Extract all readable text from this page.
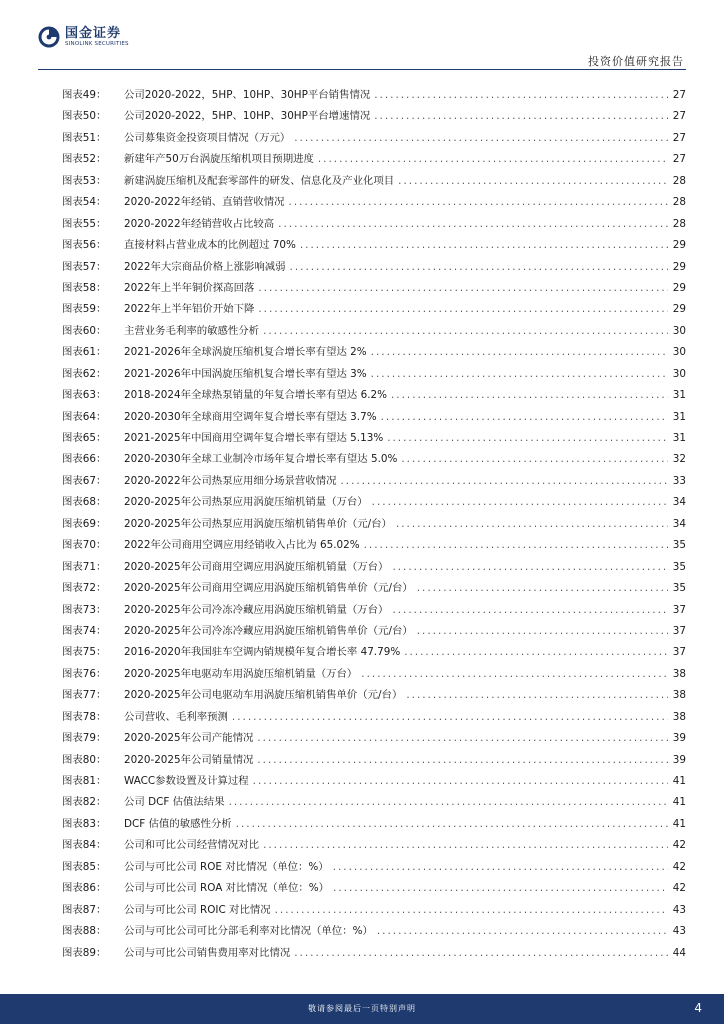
国金证券
SINOLINK SECURITIES
投资价值研究报告
图表49：	公司2020-2022，5HP、10HP、30HP平台销售情况 .....	27
图表50：	公司2020-2022，5HP、10HP、30HP平台增速情况 .....	27
图表51：	公司募集资金投资项目情况（万元） .....	27
图表52：	新建年产50万台涡旋压缩机项目预期进度 .....	27
图表53：	新建涡旋压缩机及配套零部件的研发、信息化及产业化项目 .....	28
图表54：	2020-2022年经销、直销营收情况 .....	28
图表55：	2020-2022年经销营收占比较高 .....	28
图表56：	直接材料占营业成本的比例超过 70% .....	29
图表57：	2022年大宗商品价格上涨影响减弱 .....	29
图表58：	2022年上半年铜价探高回落 .....	29
图表59：	2022年上半年铝价开始下降 .....	29
图表60：	主营业务毛利率的敏感性分析 .....	30
图表61：	2021-2026年全球涡旋压缩机复合增长率有望达 2% .....	30
图表62：	2021-2026年中国涡旋压缩机复合增长率有望达 3% .....	30
图表63：	2018-2024年全球热泵销量的年复合增长率有望达 6.2% .....	31
图表64：	2020-2030年全球商用空调年复合增长率有望达 3.7% .....	31
图表65：	2021-2025年中国商用空调年复合增长率有望达 5.13% .....	31
图表66：	2020-2030年全球工业制冷市场年复合增长率有望达 5.0% .....	32
图表67：	2020-2022年公司热泵应用细分场景营收情况 .....	33
图表68：	2020-2025年公司热泵应用涡旋压缩机销量（万台） .....	34
图表69：	2020-2025年公司热泵应用涡旋压缩机销售单价（元/台） .....	34
图表70：	2022年公司商用空调应用经销收入占比为 65.02% .....	35
图表71：	2020-2025年公司商用空调应用涡旋压缩机销量（万台） .....	35
图表72：	2020-2025年公司商用空调应用涡旋压缩机销售单价（元/台） .....	35
图表73：	2020-2025年公司冷冻冷藏应用涡旋压缩机销量（万台） .....	37
图表74：	2020-2025年公司冷冻冷藏应用涡旋压缩机销售单价（元/台） .....	37
图表75：	2016-2020年我国驻车空调内销规模年复合增长率 47.79% .....	37
图表76：	2020-2025年电驱动车用涡旋压缩机销量（万台） .....	38
图表77：	2020-2025年公司电驱动车用涡旋压缩机销售单价（元/台） .....	38
图表78：	公司营收、毛利率预测 .....	38
图表79：	2020-2025年公司产能情况 .....	39
图表80：	2020-2025年公司销量情况 .....	39
图表81：	WACC参数设置及计算过程 .....	41
图表82：	公司 DCF 估值法结果 .....	41
图表83：	DCF 估值的敏感性分析 .....	41
图表84：	公司和可比公司经营情况对比 .....	42
图表85：	公司与可比公司 ROE 对比情况（单位：%） .....	42
图表86：	公司与可比公司 ROA 对比情况（单位：%） .....	42
图表87：	公司与可比公司 ROIC 对比情况 .....	43
图表88：	公司与可比公司可比分部毛利率对比情况（单位：%） .....	43
图表89：	公司与可比公司销售费用率对比情况 .....	44
敬请参阅最后一页特别声明	4
